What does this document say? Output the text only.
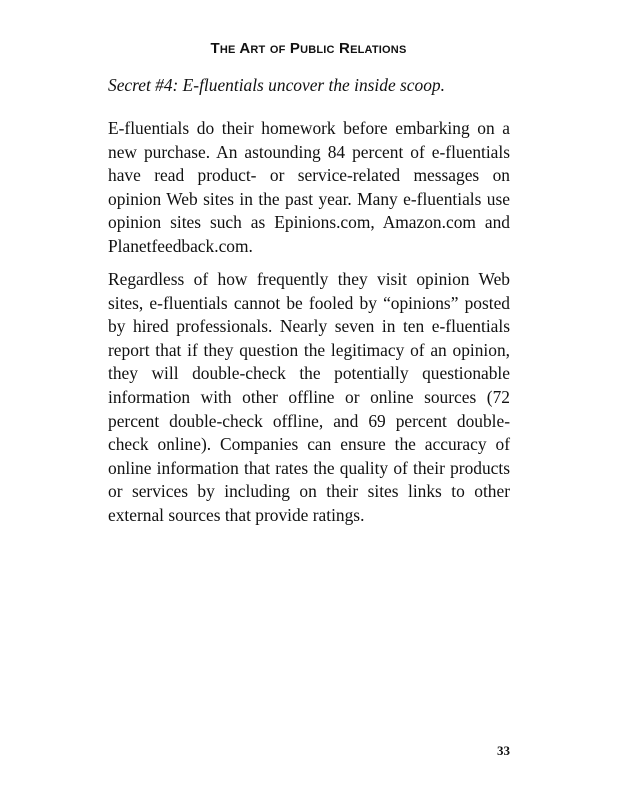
The Art of Public Relations
Secret #4: E-fluentials uncover the inside scoop.

E-fluentials do their homework before embarking on a new purchase. An astounding 84 percent of e-fluentials have read product- or service-related messages on opinion Web sites in the past year. Many e-fluentials use opinion sites such as Epinions.com, Amazon.com and Planetfeedback.com.

Regardless of how frequently they visit opinion Web sites, e-fluentials cannot be fooled by “opinions” posted by hired professionals. Nearly seven in ten e-fluentials report that if they question the legitimacy of an opinion, they will double-check the potentially questionable information with other offline or online sources (72 percent double-check offline, and 69 percent double-check online). Companies can ensure the accuracy of online information that rates the quality of their products or services by including on their sites links to other external sources that provide ratings.

33
